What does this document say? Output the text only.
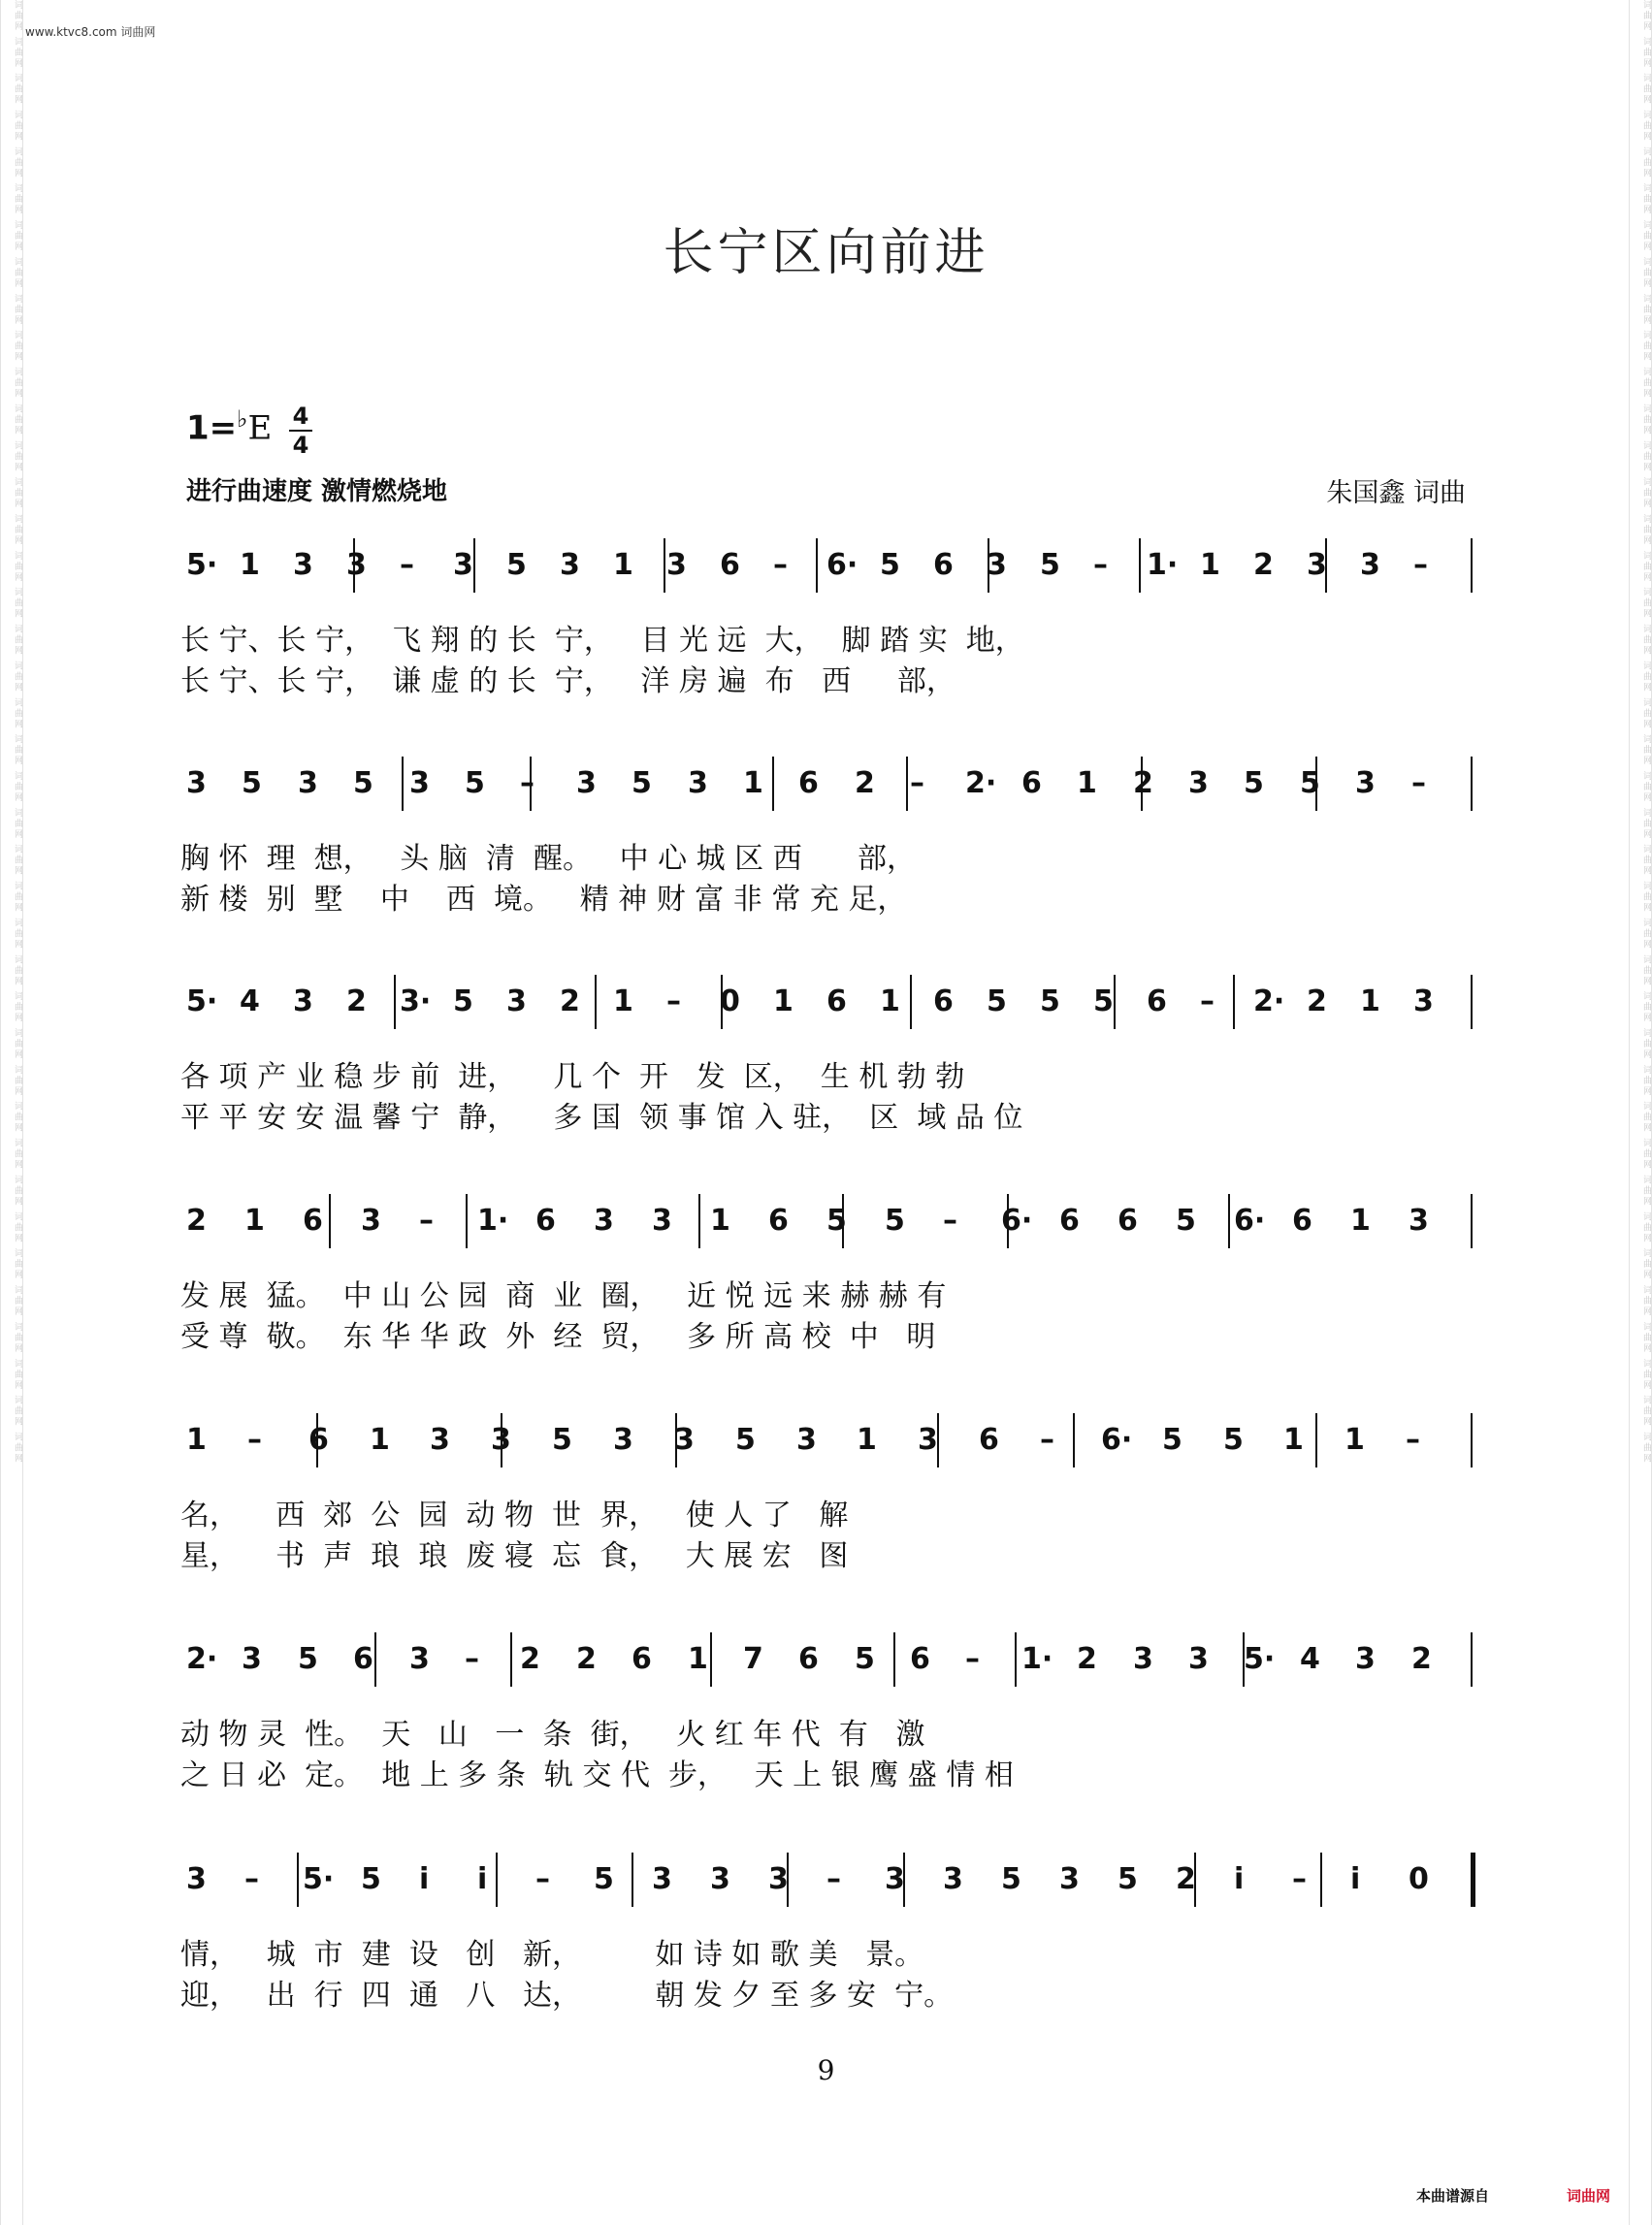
词曲网 词曲网 词曲网 词曲网 词曲网 词曲网 词曲网 词曲网 词曲网 词曲网 词曲网 词曲网 词曲网 词曲网 词曲网 词曲网 词曲网 词曲网 词曲网 词曲网 词曲网 词曲网 词曲网 词曲网 词曲网 词曲网 词曲网 词曲网 词曲网 词曲网 词曲网 词曲网 词曲网 词曲网 词曲网 词曲网 词曲网 词曲网 词曲网 词曲网	词曲网 词曲网 词曲网 词曲网 词曲网 词曲网 词曲网 词曲网 词曲网 词曲网 词曲网 词曲网 词曲网 词曲网 词曲网 词曲网 词曲网 词曲网 词曲网 词曲网 词曲网 词曲网 词曲网 词曲网 词曲网 词曲网 词曲网 词曲网 词曲网 词曲网 词曲网 词曲网 词曲网 词曲网 词曲网 词曲网 词曲网 词曲网 词曲网 词曲网
www.ktvc8.com 词曲网
长宁区向前进
1=♭E 4
4
进行曲速度 激情燃烧地	朱国鑫 词曲
5· 1 3 3 – 3 5 3 1 3 6 – 6· 5 6 3 5 – 1· 1 2 3 3 –
长 宁、长 宁，  飞 翔 的 长  宁，   目 光 远  大，  脚 踏 实  地，
长 宁、长 宁，  谦 虚 的 长  宁，   洋 房 遍  布   西     部，
3 5 3 5 3 5 – 3 5 3 1 6 2 – 2· 6 1 2 3 5 5 3 –
胸 怀  理  想，   头 脑  清  醒。   中 心 城 区 西      部，
新 楼  别  墅    中    西  境。   精 神 财 富 非 常 充 足，
5· 4 3 2 3· 5 3 2 1 – 0 1 6 1 6 5 5 5 6 – 2· 2 1 3
各 项 产 业 稳 步 前  进，    几 个  开   发  区，  生 机 勃 勃
平 平 安 安 温 馨 宁  静，    多 国  领 事 馆 入 驻，  区  域 品 位
2 1 6 3 – 1· 6 3 3 1 6 5 5 – 6· 6 6 5 6· 6 1 3
发 展  猛。  中 山 公 园  商  业  圈，   近 悦 远 来 赫 赫 有
受 尊  敬。  东 华 华 政  外  经  贸，   多 所 高 校  中   明
1 – 6 1 3 3 5 3 3 5 3 1 3 6 – 6· 5 5 1 1 –
名，    西  郊  公  园  动 物  世  界，   使 人 了   解
星，    书  声  琅  琅  废 寝  忘  食，   大 展 宏   图
2· 3 5 6 3 – 2 2 6 1 7 6 5 6 – 1· 2 3 3 5· 4 3 2
动 物 灵  性。  天   山   一  条  街，   火 红 年 代  有   激
之 日 必  定。  地 上 多 条  轨 交 代  步，   天 上 银 鹰 盛 情 相
3 – 5· 5 i i – 5 3 3 3 – 3 3 5 3 5 2 i – i 0
情，   城  市  建  设   创   新，        如 诗 如 歌 美   景。
迎，   出  行  四  通   八   达，        朝 发 夕 至 多 安  宁。
9
本曲谱源自	词曲网
